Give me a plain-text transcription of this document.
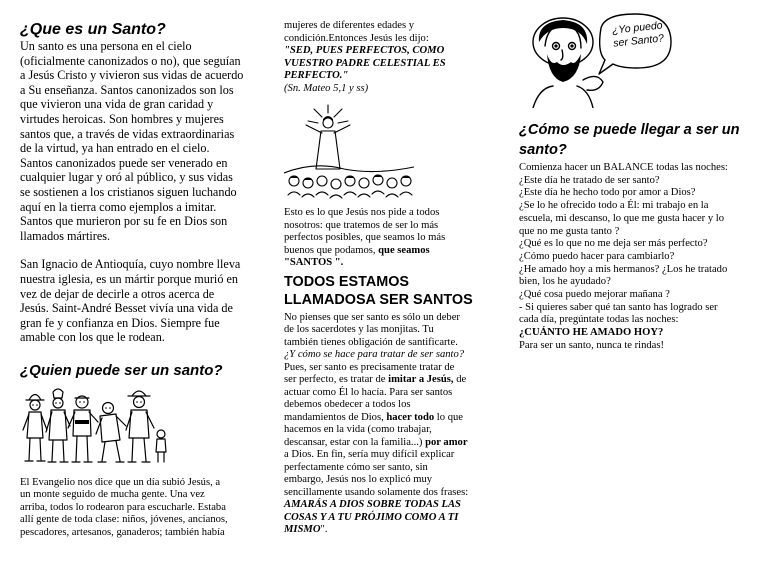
¿Que es un Santo?
Un santo es una persona en el cielo
(oficialmente canonizados o no), que seguían
a Jesús Cristo y vivieron sus vidas de acuerdo
a Su enseñanza. Santos canonizados son los
que vivieron una vida de gran caridad y
virtudes heroicas. Son hombres y mujeres
santos que, a través de vidas extraordinarias
de la virtud, ya han entrado en el cielo.
Santos canonizados puede ser venerado en
cualquier lugar y oró al público, y sus vidas
se sostienen a los cristianos siguen luchando
aquí en la tierra como ejemplos a imitar.
Santos que murieron por su fe en Dios son
llamados mártires.
San Ignacio de Antioquía, cuyo nombre lleva
nuestra iglesia, es un mártir porque murió en
vez de dejar de decirle a otros acerca de
Jesús. Saint-André Besset vivía una vida de
gran fe y confianza en Dios. Siempre fue
amable con los que le rodean.
¿Quien puede ser un santo?
El Evangelio nos dice que un día subió Jesús, a
un monte seguido de mucha gente. Una vez
arriba, todos lo rodearon para escucharle. Estaba
allí gente de toda clase: niños, jóvenes, ancianos,
pescadores, artesanos, ganaderos; también había
mujeres de diferentes edades y
condición.Entonces Jesús les dijo:
"SED, PUES PERFECTOS, COMO
VUESTRO PADRE CELESTIAL ES
PERFECTO."
(Sn. Mateo 5,1 y ss)
Esto es lo que Jesús nos pide a todos
nosotros: que tratemos de ser lo más
perfectos posibles, que seamos lo más
buenos que podamos, que seamos
"SANTOS ".
TODOS ESTAMOS
LLAMADOSA SER SANTOS
No pienses que ser santo es sólo un deber
de los sacerdotes y las monjitas. Tu
también tienes obligación de santificarte.
¿Y cómo se hace para tratar de ser santo?
Pues, ser santo es precisamente tratar de
ser perfecto, es tratar de imitar a Jesús, de
actuar como Él lo hacía. Para ser santos
debemos obedecer a todos los
mandamientos de Dios, hacer todo lo que
hacemos en la vida (como trabajar,
descansar, estar con la familia...) por amor
a Dios. En fin, sería muy difícil explicar
perfectamente cómo ser santo, sin
embargo, Jesús nos lo explicó muy
sencillamente usando solamente dos frases:
AMARÁS A DIOS SOBRE TODAS LAS
COSAS Y A TU PRÓJIMO COMO A TI
MISMO".
¿Yo puedo ser Santo?
¿Cómo se puede llegar a ser un
santo?
Comienza hacer un BALANCE todas las noches:
¿Este día he tratado de ser santo?
¿Este día he hecho todo por amor a Dios?
¿Se lo he ofrecido todo a Él: mi trabajo en la
escuela, mi descanso, lo que me gusta hacer y lo
que no me gusta tanto ?
¿Qué es lo que no me deja ser más perfecto?
¿Cómo puedo hacer para cambiarlo?
¿He amado hoy a mis hermanos? ¿Los he tratado
bien, los he ayudado?
¿Qué cosa puedo mejorar mañana ?
- Si quieres saber qué tan santo has logrado ser
cada día, pregúntate todas las noches:
¿CUÁNTO HE AMADO HOY?
Para ser un santo, nunca te rindas!
